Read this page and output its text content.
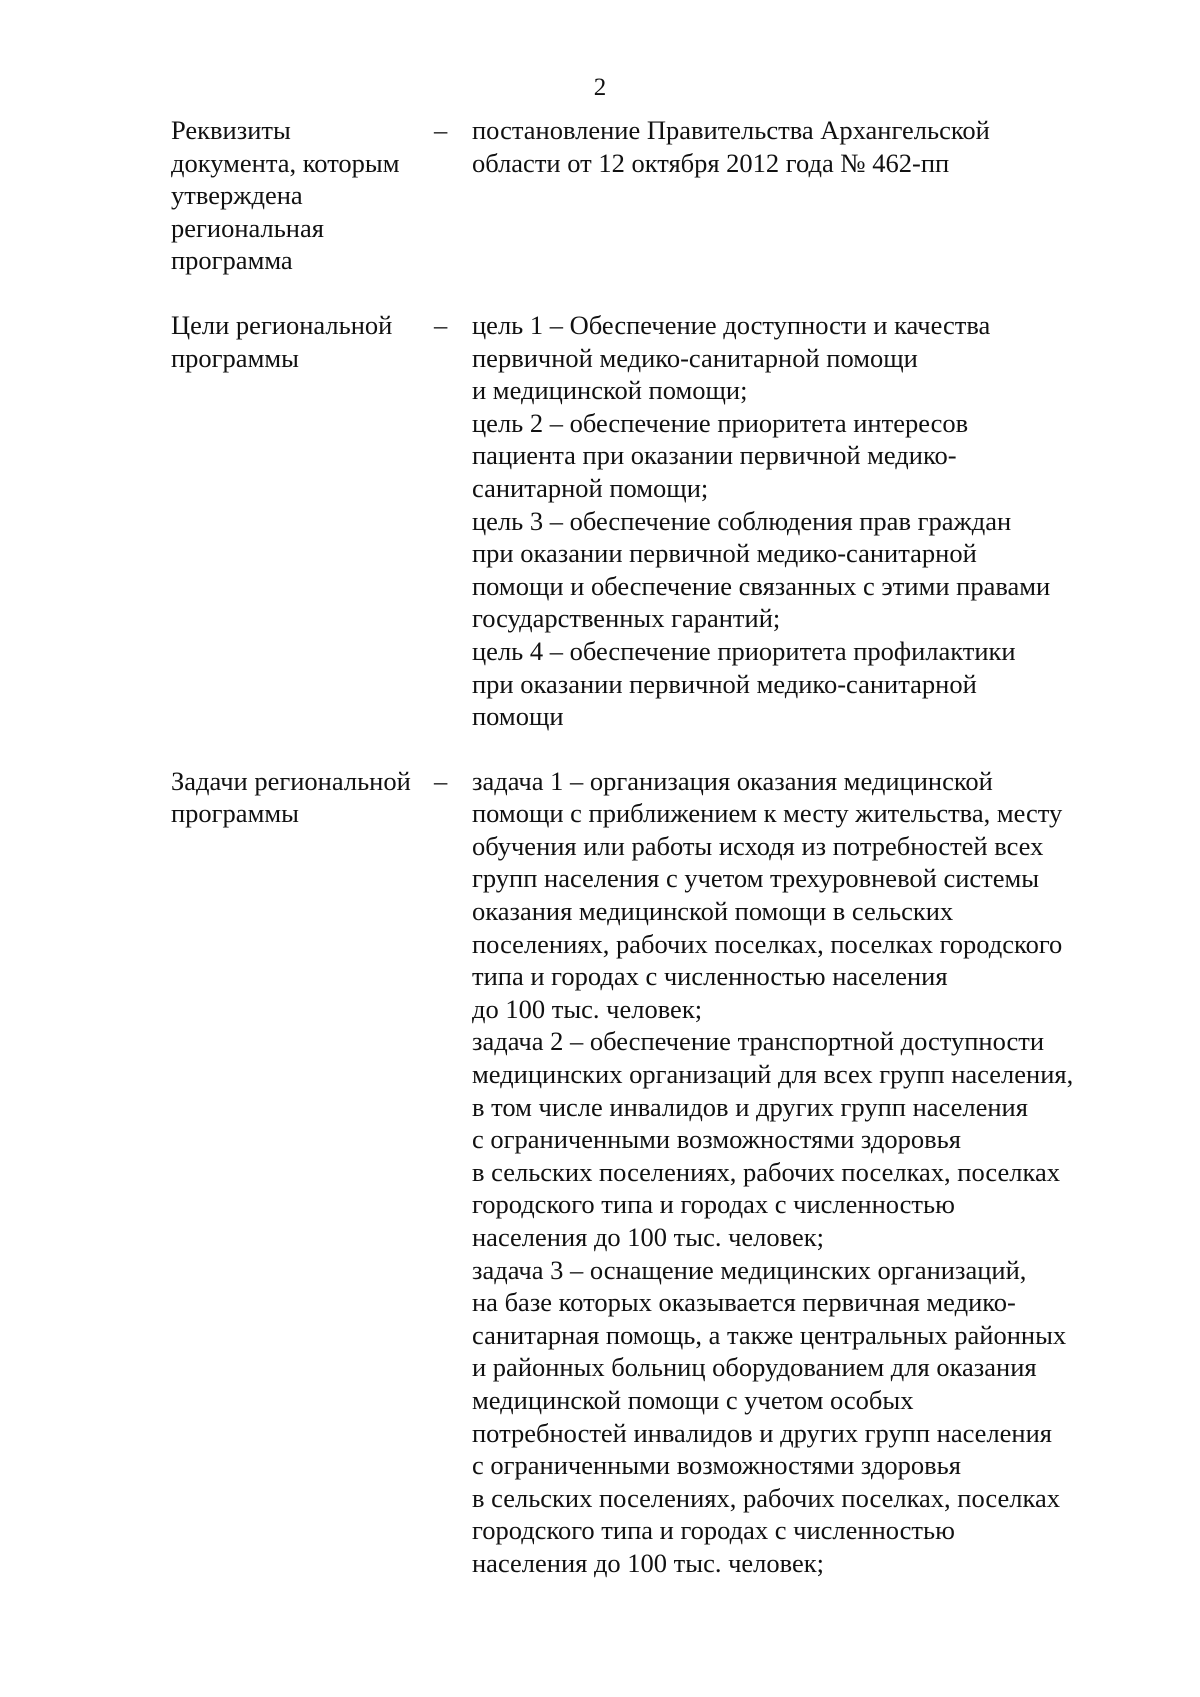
2
Реквизиты
документа, которым
утверждена
региональная
программа
– постановление Правительства Архангельской
области от 12 октября 2012 года № 462-пп
Цели региональной
программы
– цель 1 – Обеспечение доступности и качества
первичной медико-санитарной помощи
и медицинской помощи;
цель 2 – обеспечение приоритета интересов
пациента при оказании первичной медико-
санитарной помощи;
цель 3 – обеспечение соблюдения прав граждан
при оказании первичной медико-санитарной
помощи и обеспечение связанных с этими правами
государственных гарантий;
цель 4 – обеспечение приоритета профилактики
при оказании первичной медико-санитарной
помощи
Задачи региональной
программы
– задача 1 – организация оказания медицинской
помощи с приближением к месту жительства, месту
обучения или работы исходя из потребностей всех
групп населения с учетом трехуровневой системы
оказания медицинской помощи в сельских
поселениях, рабочих поселках, поселках городского
типа и городах с численностью населения
до 100 тыс. человек;
задача 2 – обеспечение транспортной доступности
медицинских организаций для всех групп населения,
в том числе инвалидов и других групп населения
с ограниченными возможностями здоровья
в сельских поселениях, рабочих поселках, поселках
городского типа и городах с численностью
населения до 100 тыс. человек;
задача 3 – оснащение медицинских организаций,
на базе которых оказывается первичная медико-
санитарная помощь, а также центральных районных
и районных больниц оборудованием для оказания
медицинской помощи с учетом особых
потребностей инвалидов и других групп населения
с ограниченными возможностями здоровья
в сельских поселениях, рабочих поселках, поселках
городского типа и городах с численностью
населения до 100 тыс. человек;
